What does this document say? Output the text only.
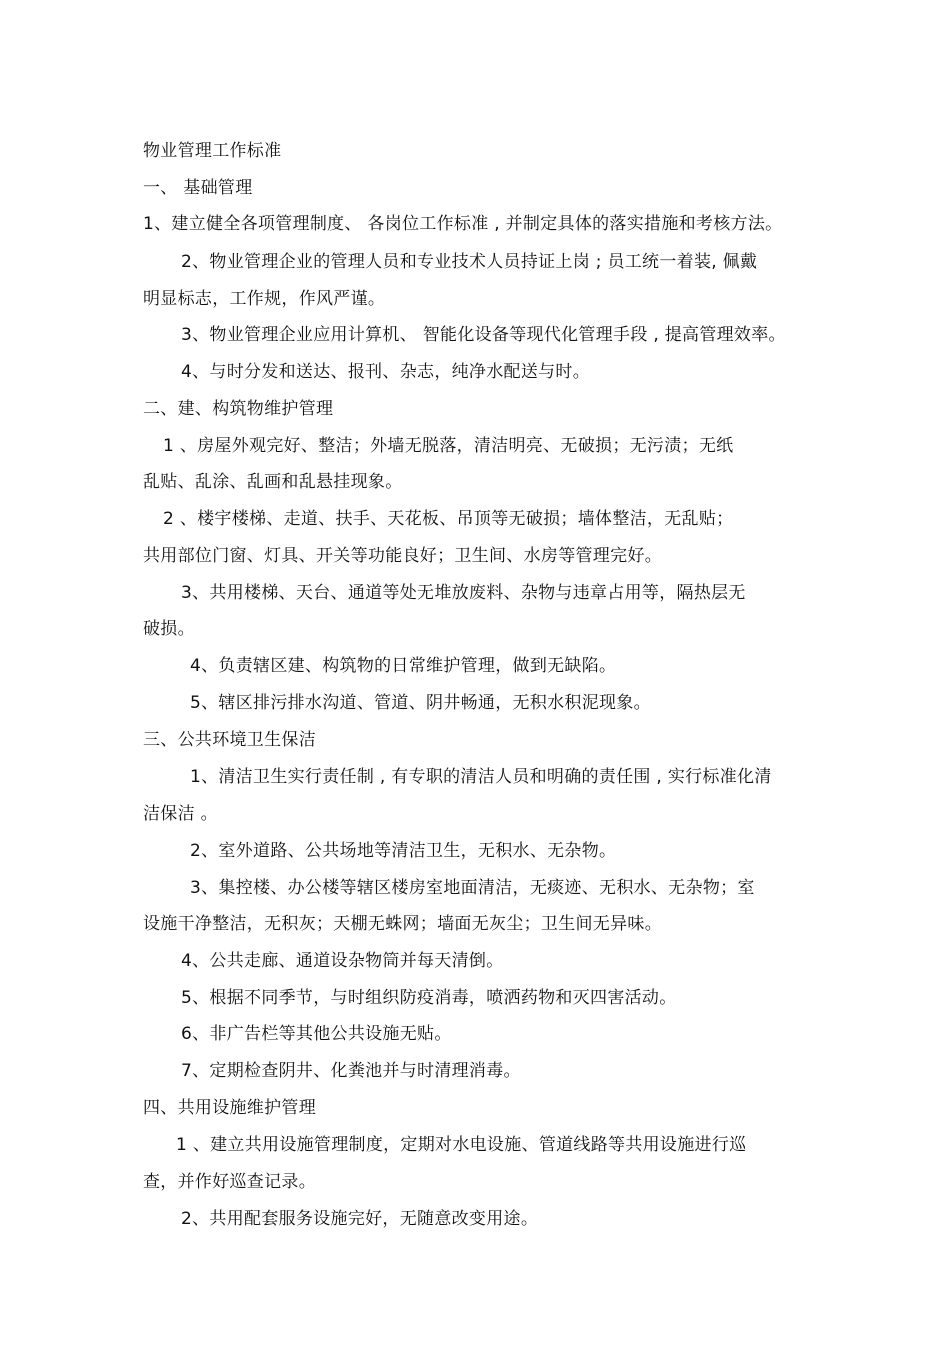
物业管理工作标准
一、 基础管理
1、建立健全各项管理制度、 各岗位工作标准 , 并制定具体的落实措施和考核方法。
2、物业管理企业的管理人员和专业技术人员持证上岗 ; 员工统一着装, 佩戴
明显标志，工作规，作风严谨。
3、物业管理企业应用计算机、 智能化设备等现代化管理手段 , 提高管理效率。
4、与时分发和送达、报刊、杂志，纯净水配送与时。
二、建、构筑物维护管理
1 、房屋外观完好、整洁；外墙无脱落，清洁明亮、无破损；无污渍；无纸
乱贴、乱涂、乱画和乱悬挂现象。
2 、楼宇楼梯、走道、扶手、天花板、吊顶等无破损；墙体整洁，无乱贴；
共用部位门窗、灯具、开关等功能良好；卫生间、水房等管理完好。
3、共用楼梯、天台、通道等处无堆放废料、杂物与违章占用等，隔热层无
破损。
4、负责辖区建、构筑物的日常维护管理，做到无缺陷。
5、辖区排污排水沟道、管道、阴井畅通，无积水积泥现象。
三、公共环境卫生保洁
1、清洁卫生实行责任制 , 有专职的清洁人员和明确的责任围 , 实行标准化清
洁保洁 。
2、室外道路、公共场地等清洁卫生，无积水、无杂物。
3、集控楼、办公楼等辖区楼房室地面清洁，无痰迹、无积水、无杂物；室
设施干净整洁，无积灰；天棚无蛛网；墙面无灰尘；卫生间无异味。
4、公共走廊、通道设杂物筒并每天清倒。
5、根据不同季节，与时组织防疫消毒，喷洒药物和灭四害活动。
6、非广告栏等其他公共设施无贴。
7、定期检查阴井、化粪池并与时清理消毒。
四、共用设施维护管理
1 、建立共用设施管理制度，定期对水电设施、管道线路等共用设施进行巡
查，并作好巡查记录。
2、共用配套服务设施完好，无随意改变用途。
